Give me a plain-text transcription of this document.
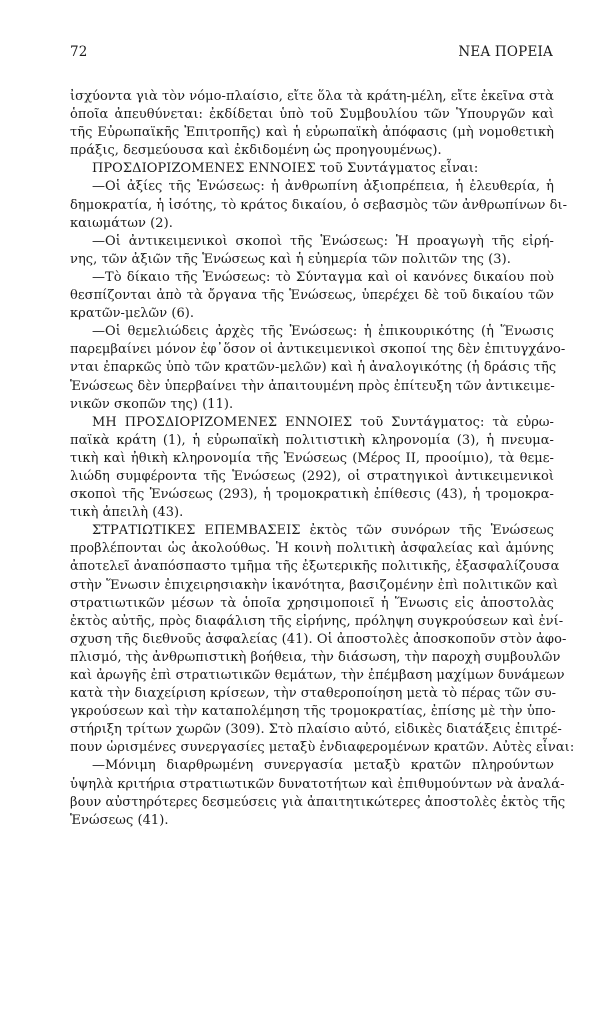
72	ΝΕΑ ΠΟΡΕΙΑ
ἰσχύοντα γιὰ τὸν νόμο-πλαίσιο, εἴτε ὅλα τὰ κράτη-μέλη, εἴτε ἐκεῖνα στὰ
ὁποῖα ἀπευθύνεται: ἐκδίδεται ὑπὸ τοῦ Συμβουλίου τῶν Ὑπουργῶν καὶ
τῆς Εὐρωπαϊκῆς Ἐπιτροπῆς) καὶ ἡ εὐρωπαϊκὴ ἀπόφασις (μὴ νομοθετικὴ
πράξις, δεσμεύουσα καὶ ἐκδιδομένη ὡς προηγουμένως).
ΠΡΟΣΔΙΟΡΙΖΟΜΕΝΕΣ ΕΝΝΟΙΕΣ τοῦ Συντάγματος εἶναι:
—Οἱ ἀξίες τῆς Ἑνώσεως: ἡ ἀνθρωπίνη ἀξιοπρέπεια, ἡ ἐλευθερία, ἡ
δημοκρατία, ἡ ἰσότης, τὸ κράτος δικαίου, ὁ σεβασμὸς τῶν ἀνθρωπίνων δι-
καιωμάτων (2).
—Οἱ ἀντικειμενικοὶ σκοποὶ τῆς Ἑνώσεως: Ἡ προαγωγὴ τῆς εἰρή-
νης, τῶν ἀξιῶν τῆς Ἑνώσεως καὶ ἡ εὐημερία τῶν πολιτῶν της (3).
—Τὸ δίκαιο τῆς Ἑνώσεως: τὸ Σύνταγμα καὶ οἱ κανόνες δικαίου ποὺ
θεσπίζονται ἀπὸ τὰ ὄργανα τῆς Ἑνώσεως, ὑπερέχει δὲ τοῦ δικαίου τῶν
κρατῶν-μελῶν (6).
—Οἱ θεμελιώδεις ἀρχὲς τῆς Ἑνώσεως: ἡ ἐπικουρικότης (ἡ Ἕνωσις
παρεμβαίνει μόνον ἐφ᾽ὅσον οἱ ἀντικειμενικοὶ σκοποί της δὲν ἐπιτυγχάνο-
νται ἐπαρκῶς ὑπὸ τῶν κρατῶν-μελῶν) καὶ ἡ ἀναλογικότης (ἡ δράσις τῆς
Ἑνώσεως δὲν ὑπερβαίνει τὴν ἀπαιτουμένη πρὸς ἐπίτευξη τῶν ἀντικειμε-
νικῶν σκοπῶν της) (11).
ΜΗ ΠΡΟΣΔΙΟΡΙΖΟΜΕΝΕΣ ΕΝΝΟΙΕΣ τοῦ Συντάγματος: τὰ εὐρω-
παϊκὰ κράτη (1), ἡ εὐρωπαϊκὴ πολιτιστικὴ κληρονομία (3), ἡ πνευμα-
τικὴ καὶ ἠθικὴ κληρονομία τῆς Ἑνώσεως (Μέρος II, προοίμιο), τὰ θεμε-
λιώδη συμφέροντα τῆς Ἑνώσεως (292), οἱ στρατηγικοὶ ἀντικειμενικοὶ
σκοποὶ τῆς Ἑνώσεως (293), ἡ τρομοκρατικὴ ἐπίθεσις (43), ἡ τρομοκρα-
τικὴ ἀπειλὴ (43).
ΣΤΡΑΤΙΩΤΙΚΕΣ ΕΠΕΜΒΑΣΕΙΣ ἐκτὸς τῶν συνόρων τῆς Ἑνώσεως
προβλέπονται ὡς ἀκολούθως. Ἡ κοινὴ πολιτικὴ ἀσφαλείας καὶ ἀμύνης
ἀποτελεῖ ἀναπόσπαστο τμῆμα τῆς ἐξωτερικῆς πολιτικῆς, ἐξασφαλίζουσα
στὴν Ἕνωσιν ἐπιχειρησιακὴν ἱκανότητα, βασιζομένην ἐπὶ πολιτικῶν καὶ
στρατιωτικῶν μέσων τὰ ὁποῖα χρησιμοποιεῖ ἡ Ἕνωσις εἰς ἀποστολὰς
ἐκτὸς αὐτῆς, πρὸς διαφάλιση τῆς εἰρήνης, πρόληψη συγκρούσεων καὶ ἐνί-
σχυση τῆς διεθνοῦς ἀσφαλείας (41). Οἱ ἀποστολὲς ἀποσκοποῦν στὸν ἀφο-
πλισμό, τὴς ἀνθρωπιστικὴ βοήθεια, τὴν διάσωση, τὴν παροχὴ συμβουλῶν
καὶ ἀρωγῆς ἐπὶ στρατιωτικῶν θεμάτων, τὴν ἐπέμβαση μαχίμων δυνάμεων
κατὰ τὴν διαχείριση κρίσεων, τὴν σταθεροποίηση μετὰ τὸ πέρας τῶν συ-
γκρούσεων καὶ τὴν καταπολέμηση τῆς τρομοκρατίας, ἐπίσης μὲ τὴν ὑπο-
στήριξη τρίτων χωρῶν (309). Στὸ πλαίσιο αὐτό, εἰδικὲς διατάξεις ἐπιτρέ-
πουν ὡρισμένες συνεργασίες μεταξὺ ἐνδιαφερομένων κρατῶν. Αὐτὲς εἶναι:
—Μόνιμη διαρθρωμένη συνεργασία μεταξὺ κρατῶν πληρούντων
ὑψηλὰ κριτήρια στρατιωτικῶν δυνατοτήτων καὶ ἐπιθυμούντων νὰ ἀναλά-
βουν αὐστηρότερες δεσμεύσεις γιὰ ἀπαιτητικώτερες ἀποστολὲς ἐκτὸς τῆς
Ἑνώσεως (41).
